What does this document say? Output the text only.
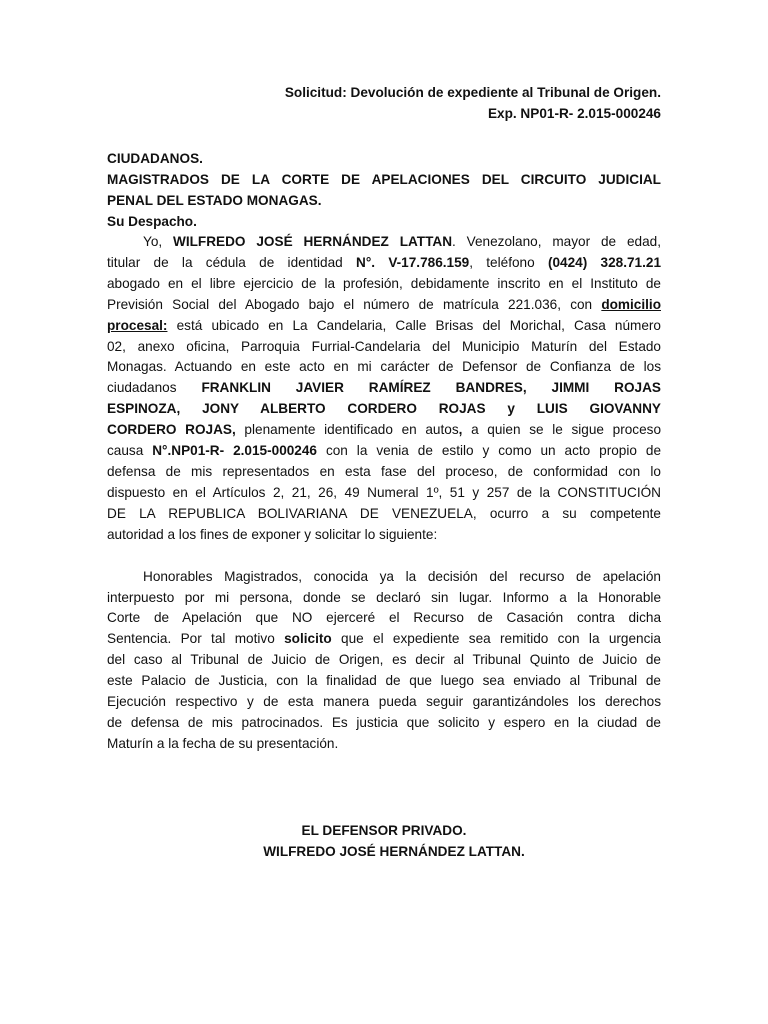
Solicitud: Devolución de expediente al Tribunal de Origen.
Exp. NP01-R- 2.015-000246
CIUDADANOS.
MAGISTRADOS DE LA CORTE DE APELACIONES DEL CIRCUITO JUDICIAL
PENAL DEL ESTADO MONAGAS.
Su Despacho.
Yo, WILFREDO JOSÉ HERNÁNDEZ LATTAN. Venezolano, mayor de edad,
titular de la cédula de identidad N°. V-17.786.159, teléfono (0424) 328.71.21
abogado en el libre ejercicio de la profesión, debidamente inscrito en el Instituto de
Previsión Social del Abogado bajo el número de matrícula 221.036, con domicilio
procesal: está ubicado en La Candelaria, Calle Brisas del Morichal, Casa número
02, anexo oficina, Parroquia Furrial-Candelaria del Municipio Maturín del Estado
Monagas. Actuando en este acto en mi carácter de Defensor de Confianza de los
ciudadanos FRANKLIN JAVIER RAMÍREZ BANDRES, JIMMI ROJAS
ESPINOZA, JONY ALBERTO CORDERO ROJAS y LUIS GIOVANNY
CORDERO ROJAS, plenamente identificado en autos, a quien se le sigue proceso
causa N°.NP01-R- 2.015-000246 con la venia de estilo y como un acto propio de
defensa de mis representados en esta fase del proceso, de conformidad con lo
dispuesto en el Artículos 2, 21, 26, 49 Numeral 1º, 51 y 257 de la CONSTITUCIÓN
DE LA REPUBLICA BOLIVARIANA DE VENEZUELA, ocurro a su competente
autoridad a los fines de exponer y solicitar lo siguiente:
Honorables Magistrados, conocida ya la decisión del recurso de apelación
interpuesto por mi persona, donde se declaró sin lugar. Informo a la Honorable
Corte de Apelación que NO ejerceré el Recurso de Casación contra dicha
Sentencia. Por tal motivo solicito que el expediente sea remitido con la urgencia
del caso al Tribunal de Juicio de Origen, es decir al Tribunal Quinto de Juicio de
este Palacio de Justicia, con la finalidad de que luego sea enviado al Tribunal de
Ejecución respectivo y de esta manera pueda seguir garantizándoles los derechos
de defensa de mis patrocinados. Es justicia que solicito y espero en la ciudad de
Maturín a la fecha de su presentación.
EL DEFENSOR PRIVADO.
WILFREDO JOSÉ HERNÁNDEZ LATTAN.
